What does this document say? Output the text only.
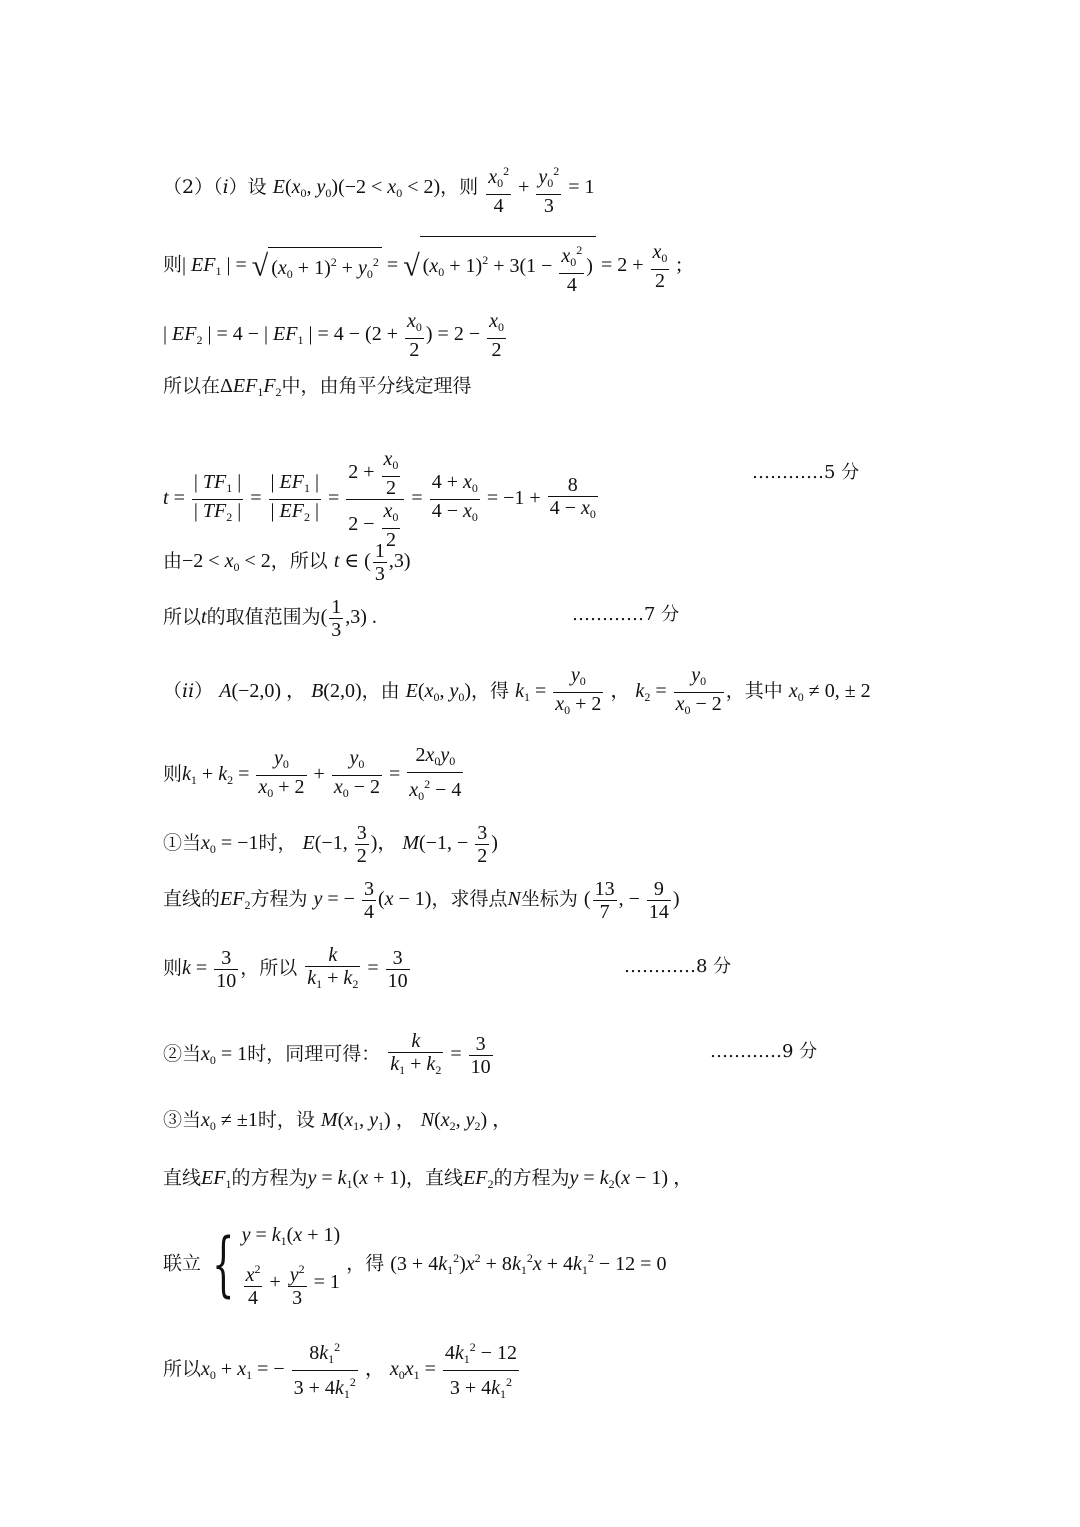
（2）（i）设 $E(x_0$, $y_0)(-2 < x_0 < 2)$，则 $\frac{x_0^2}{4} + \frac{y_0^2}{3} = 1$
则| $EF_1$ | = √ $(x_0 + 1)^2 + y_0^2$ = √ $(x_0 + 1)^2 + 3(1 - \frac{x_0^2}{4}$ ) = $2 + \frac{x_0}{2}$ ;
| $EF_2$ | = 4 − | $EF_1$ | = $4 - (2 + \frac{x_0}{2}$ ) = $2 - \frac{x_0}{2}$
所以在$\Delta EF_1F_2$中，由角平分线定理得
$t = \frac{| TF_1 |}{| TF_2 |} = \frac{| EF_1 |}{| EF_2 |} = \frac{2 + \frac{x_0}{2}}{2 - \frac{x_0}{2}} = \frac{4 + x_0}{4 - x_0} = -1 + \frac{8}{4 - x_0}$
…………5 分
由$-2 < x_0 < 2$，所以 t ∈ ( $\frac{1}{3} ,3$)
所以t的取值范围为( $\frac{1}{3} ,3$) .	…………7 分
（ii） A(−2,0) ， B(2,0)，由 $E(x_0$, $y_0$)，得 $k_1 = \frac{y_0}{x_0 + 2}$ ， $k_2 = \frac{y_0}{x_0 - 2}$ ，其中 $x_0 \ne 0$, ± 2
则$k_1 + k_2 = \frac{y_0}{x_0 + 2} + \frac{y_0}{x_0 - 2} = \frac{2x_0y_0}{x_0^2 - 4}$
①当$x_0 = -1$时， E(−1, $\frac{3}{2}$ )， M(−1, − $\frac{3}{2}$ )
直线的$EF_2$方程为 y = − $\frac{3}{4} (x - 1)$，求得点N坐标为 ( $\frac{13}{7}$ , − $\frac{9}{14}$ )
则$k = \frac{3}{10}$ ，所以 $\frac{k}{k_1 + k_2} = \frac{3}{10}$	…………8 分
②当$x_0 = 1$时，同理可得： $\frac{k}{k_1 + k_2} = \frac{3}{10}$	…………9 分
③当$x_0 \ne \pm 1$时，设 $M(x_1$, $y_1$) ， $N(x_2$, $y_2$) ，
直线$EF_1$的方程为$y = k_1(x + 1)$，直线$EF_2$的方程为$y = k_2(x - 1)$ ，
联立 { $y = k_1(x + 1)$
$\frac{x^2}{4} + \frac{y^2}{3} = 1$
，得 $(3 + 4k_1^2)x^2 + 8k_1^2x + 4k_1^2 - 12 = 0$
所以$x_0 + x_1$ = − $\frac{8k_1^2}{3 + 4k_1^2}$ ， $x_0x_1 = \frac{4k_1^2 - 12}{3 + 4k_1^2}$
